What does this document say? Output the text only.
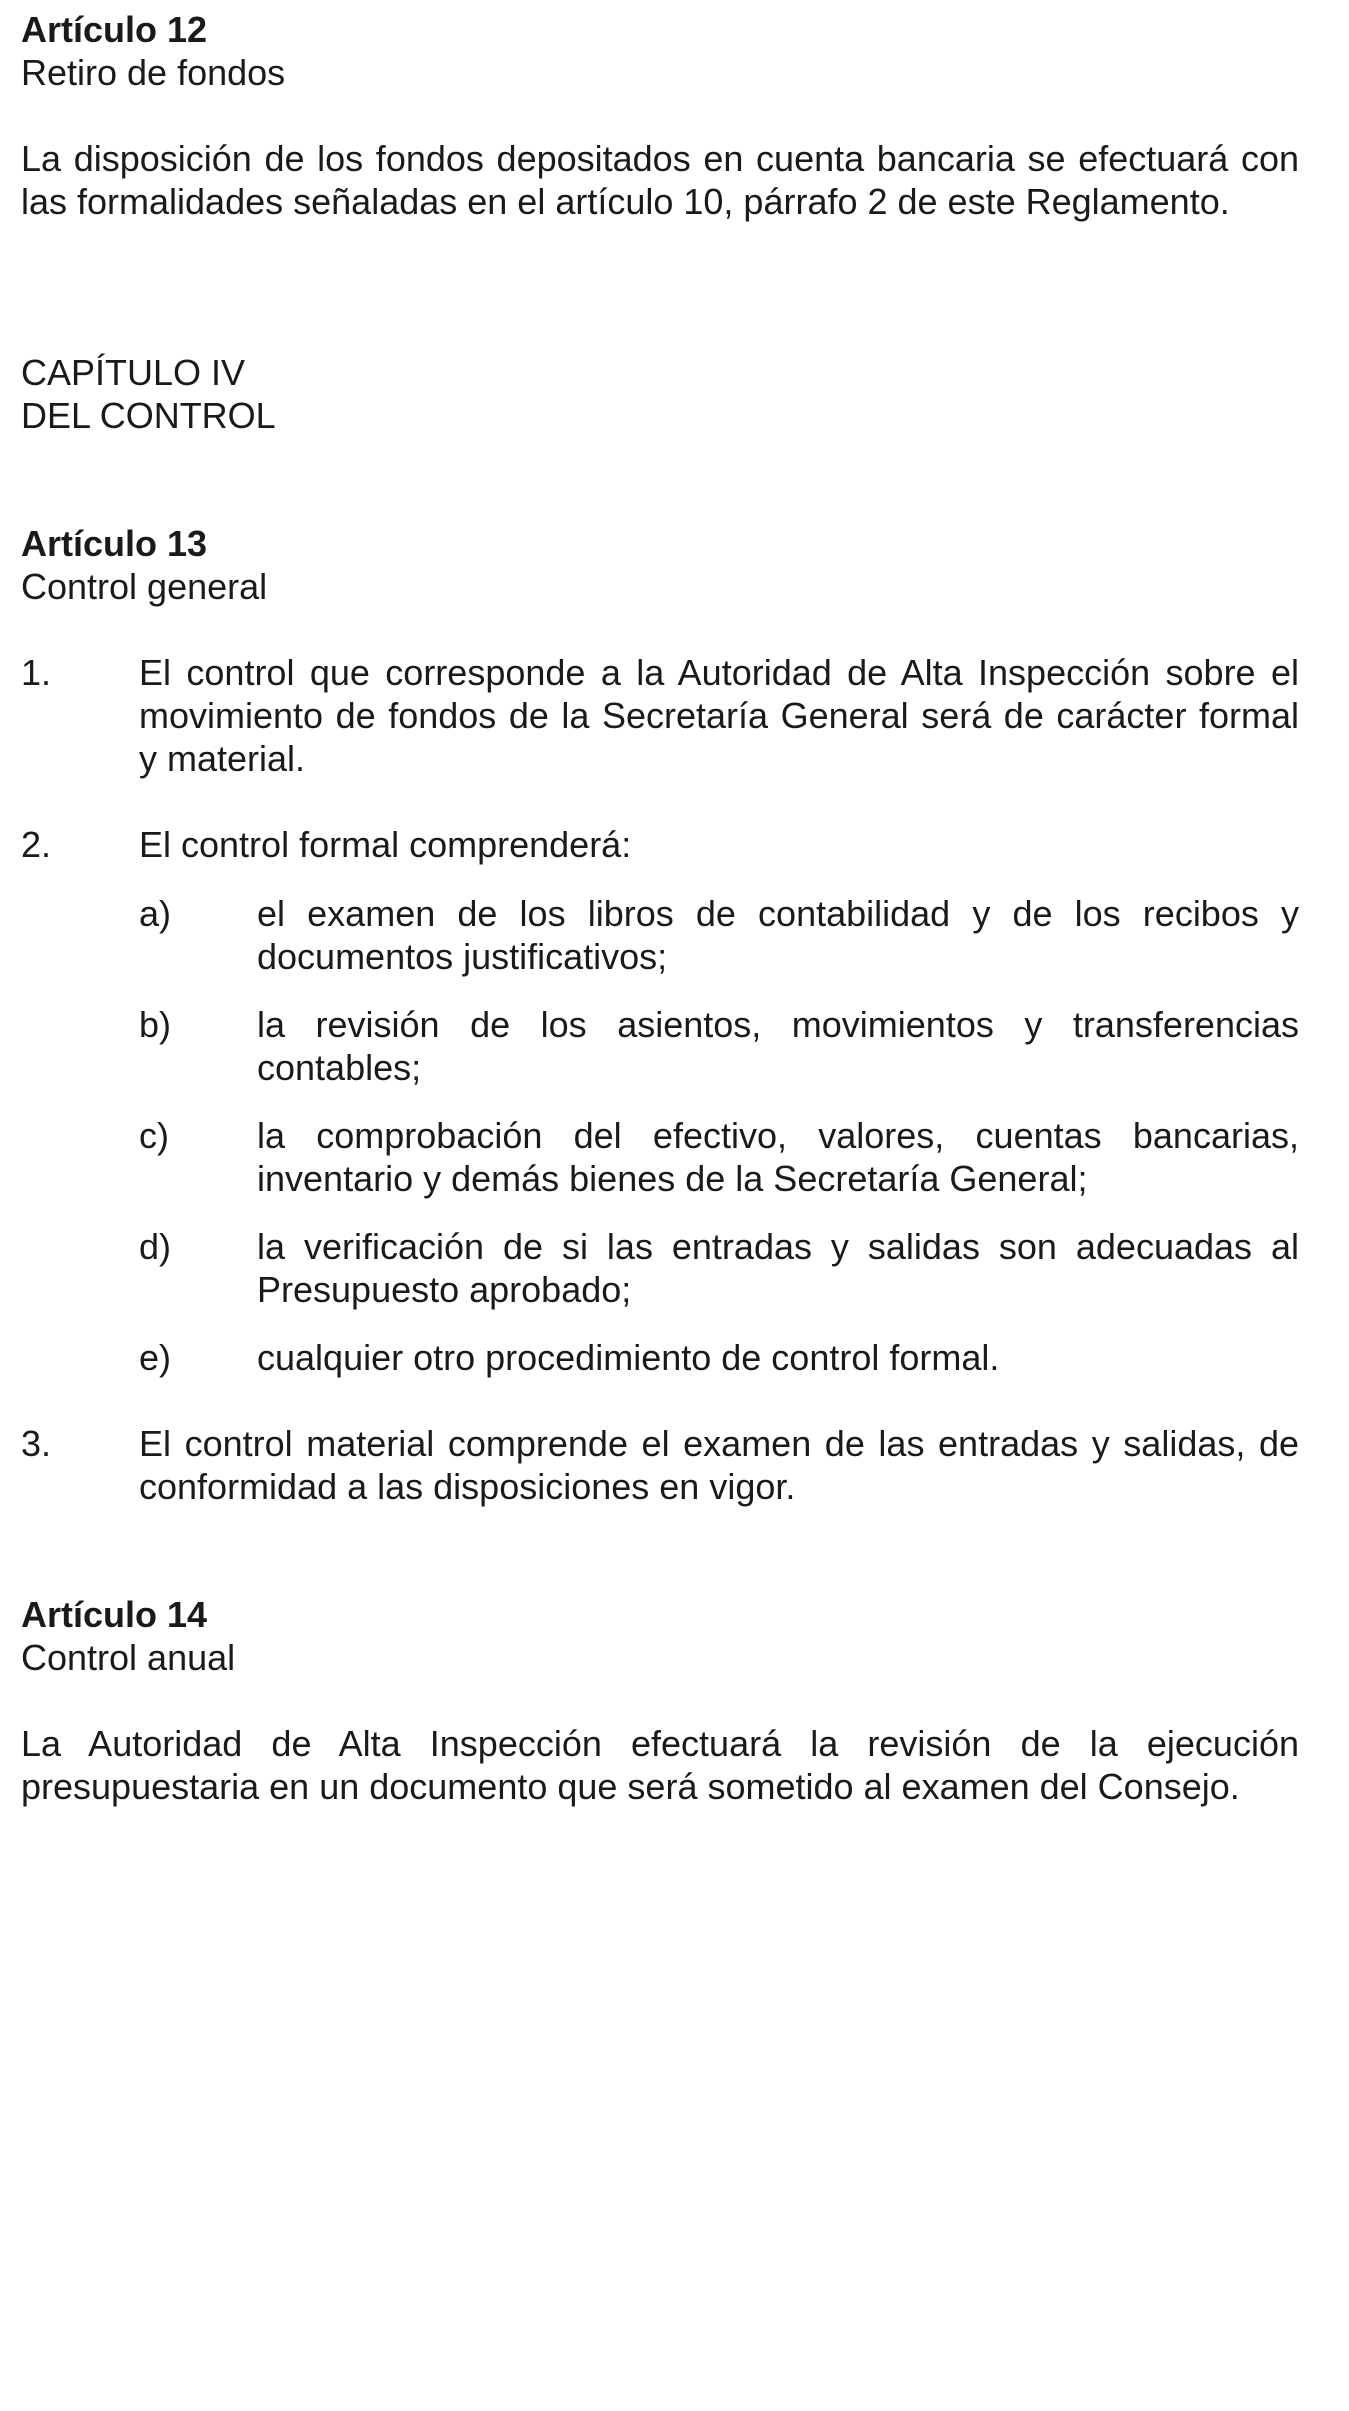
Artículo 12

Retiro de fondos

La disposición de los fondos depositados en cuenta bancaria se efectuará con las formalidades señaladas en el artículo 10, párrafo 2 de este Reglamento.

CAPÍTULO IV

DEL CONTROL

Artículo 13

Control general

1.	El control que corresponde a la Autoridad de Alta Inspección sobre el movimiento de fondos de la Secretaría General será de carácter formal y material.
2.	El control formal comprenderá:
a)	el examen de los libros de contabilidad y de los recibos y documentos justificativos;
b)	la revisión de los asientos, movimientos y transferencias contables;
c)	la comprobación del efectivo, valores, cuentas bancarias, inventario y demás bienes de la Secretaría General;
d)	la verificación de si las entradas y salidas son adecuadas al Presupuesto aprobado;
e)	cualquier otro procedimiento de control formal.
3.	El control material comprende el examen de las entradas y salidas, de conformidad a las disposiciones en vigor.

Artículo 14

Control anual

La Autoridad de Alta Inspección efectuará la revisión de la ejecución presupuestaria en un documento que será sometido al examen del Consejo.
